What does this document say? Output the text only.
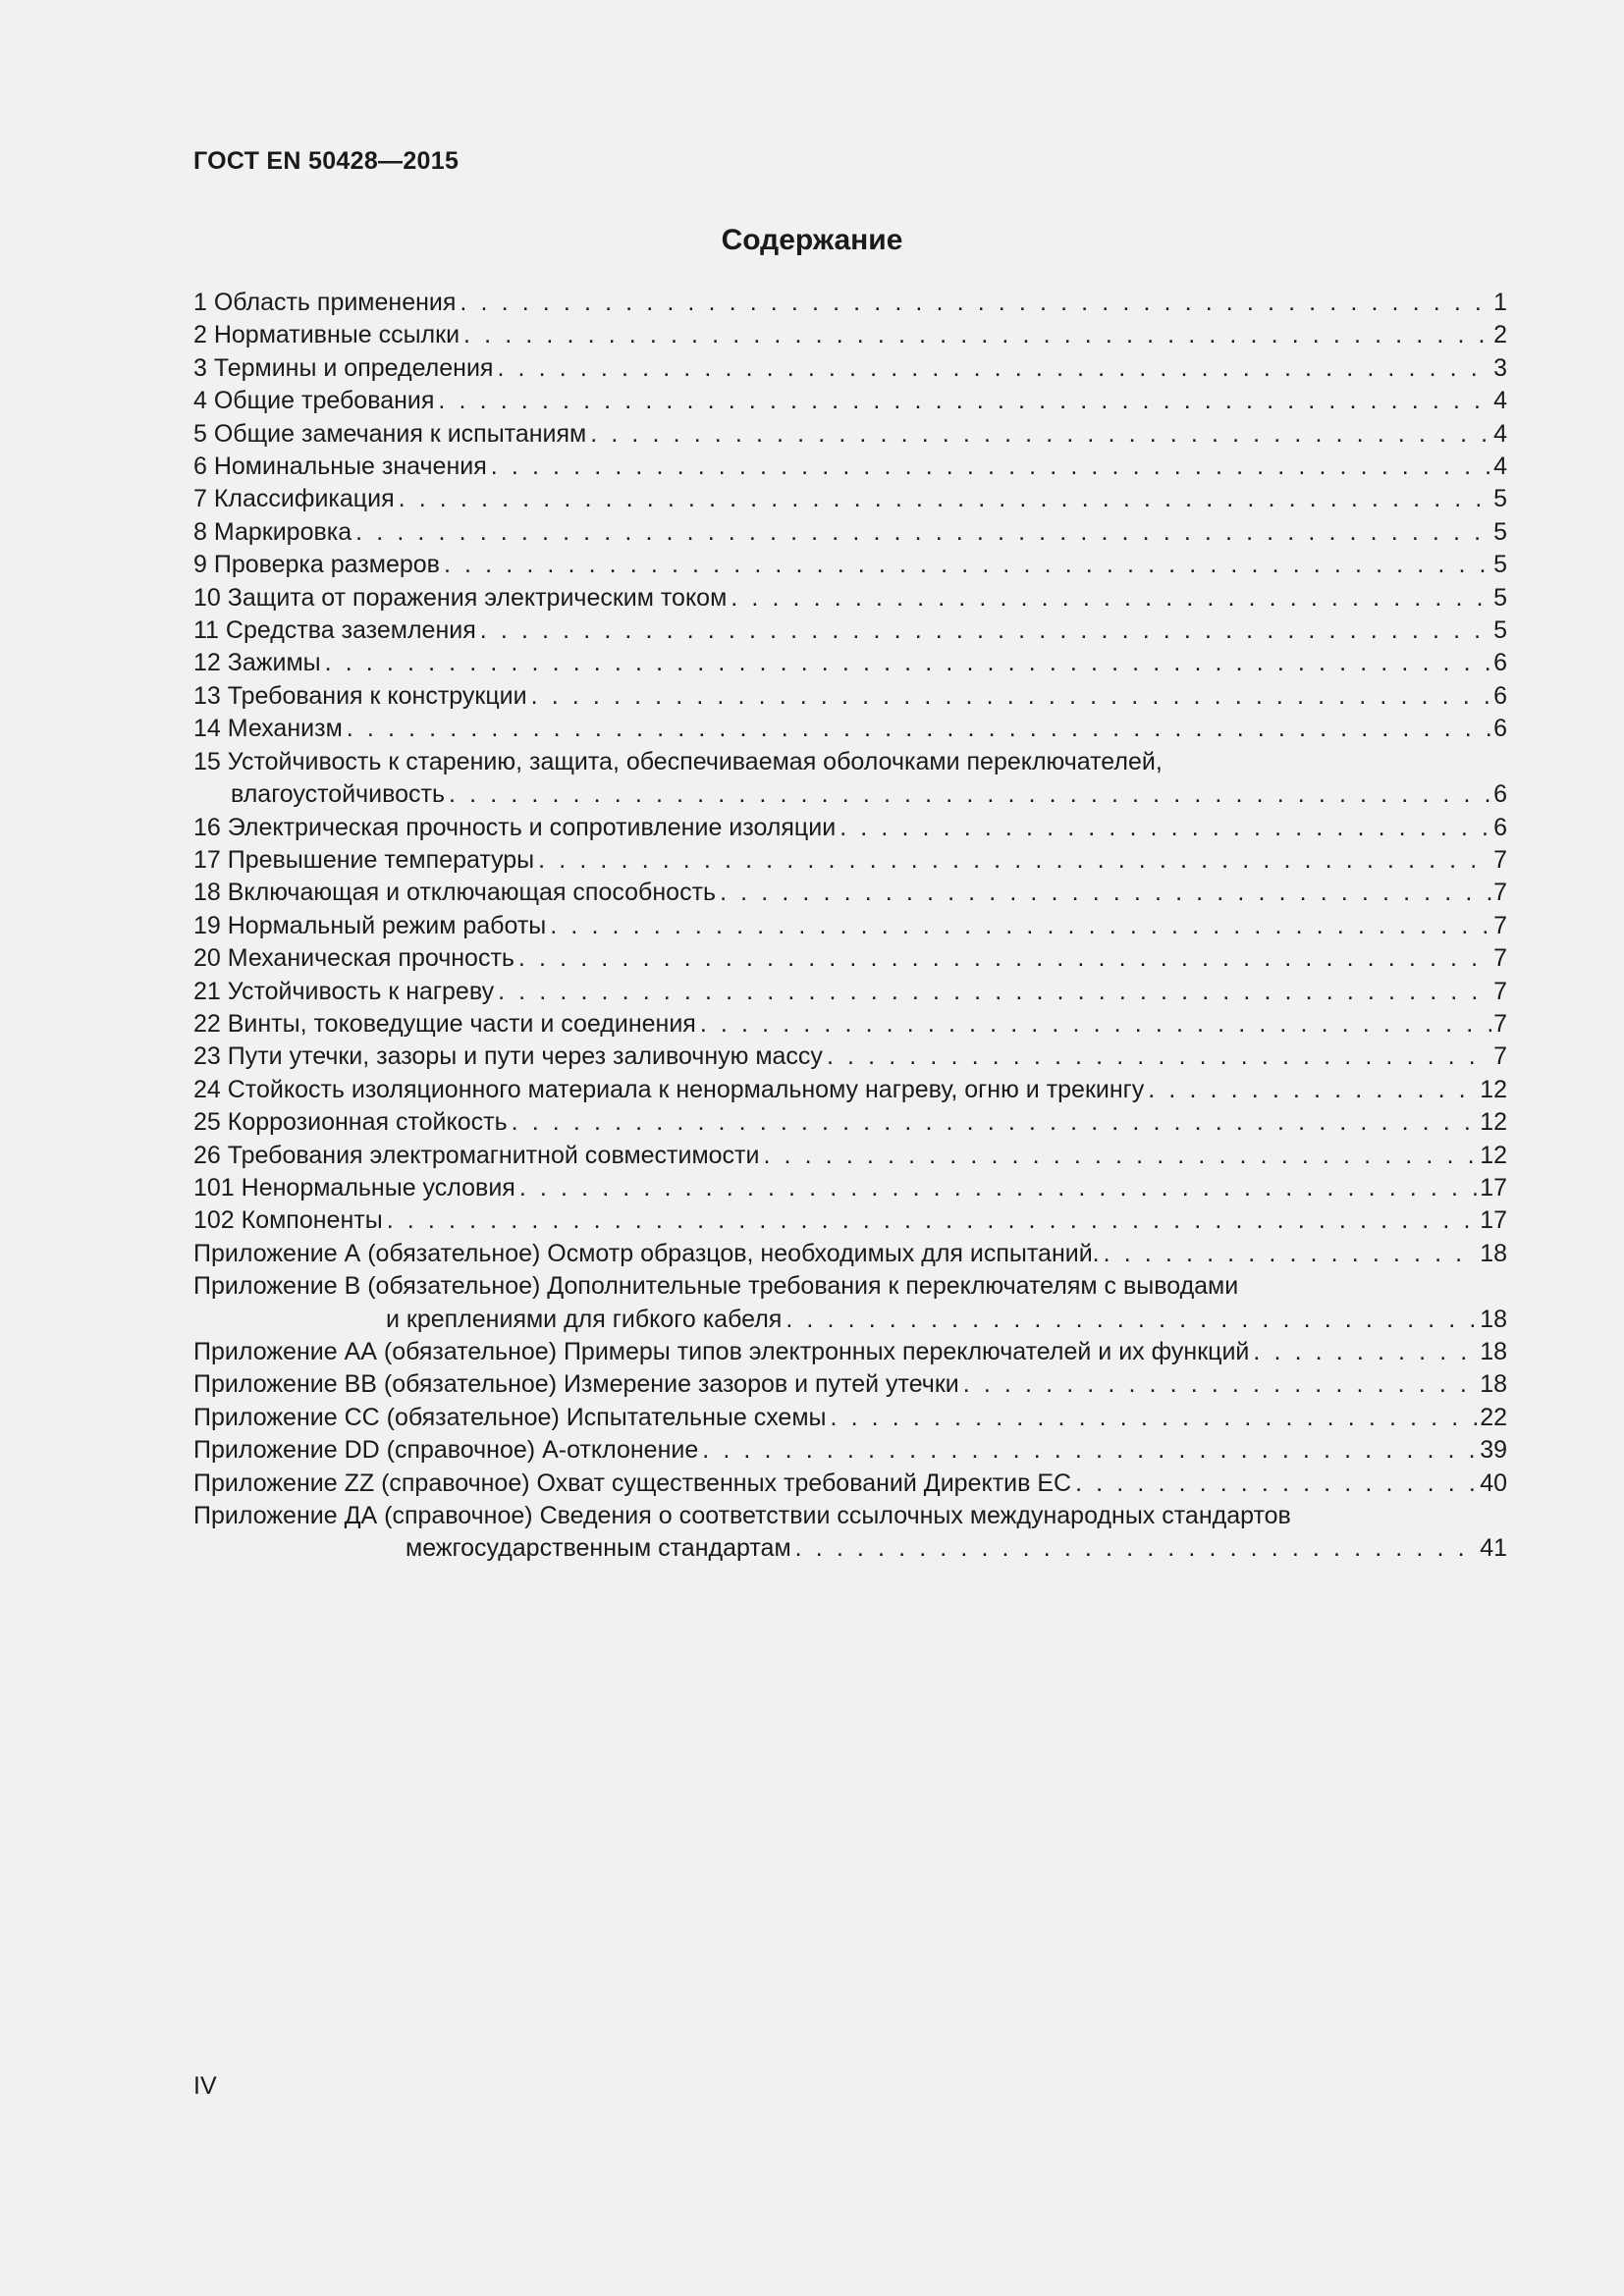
ГОСТ EN 50428—2015
Содержание
1 Область применения . . .	1
2 Нормативные ссылки . . .	2
3 Термины и определения . . .	3
4 Общие требования . . .	4
5 Общие замечания к испытаниям . . .	4
6 Номинальные значения . . .	4
7 Классификация . . .	5
8 Маркировка . . .	5
9 Проверка размеров . . .	5
10 Защита от поражения электрическим током . . .	5
11 Средства заземления . . .	5
12 Зажимы . . .	6
13 Требования к конструкции . . .	6
14 Механизм . . .	6
15 Устойчивость к старению, защита, обеспечиваемая оболочками переключателей,
влагоустойчивость . . .	6
16 Электрическая прочность и сопротивление изоляции . . .	6
17 Превышение температуры . . .	7
18 Включающая и отключающая способность . . .	7
19 Нормальный режим работы . . .	7
20 Механическая прочность . . .	7
21 Устойчивость к нагреву . . .	7
22 Винты, токоведущие части и соединения . . .	7
23 Пути утечки, зазоры и пути через заливочную массу . . .	7
24 Стойкость изоляционного материала к ненормальному нагреву, огню и трекингу . . .	12
25 Коррозионная стойкость . . .	12
26 Требования электромагнитной совместимости . . .	12
101 Ненормальные условия . . .	17
102 Компоненты . . .	17
Приложение А (обязательное) Осмотр образцов, необходимых для испытаний. . . .	18
Приложение В (обязательное) Дополнительные требования к переключателям с выводами
и креплениями для гибкого кабеля . . .	18
Приложение АА (обязательное) Примеры типов электронных переключателей и их функций . . .	18
Приложение ВВ (обязательное) Измерение зазоров и путей утечки . . .	18
Приложение СС (обязательное) Испытательные схемы . . .	22
Приложение DD (справочное) А-отклонение . . .	39
Приложение ZZ (справочное) Охват существенных требований Директив ЕС . . .	40
Приложение ДА (справочное) Сведения о соответствии ссылочных международных стандартов
межгосударственным стандартам . . .	41
IV
